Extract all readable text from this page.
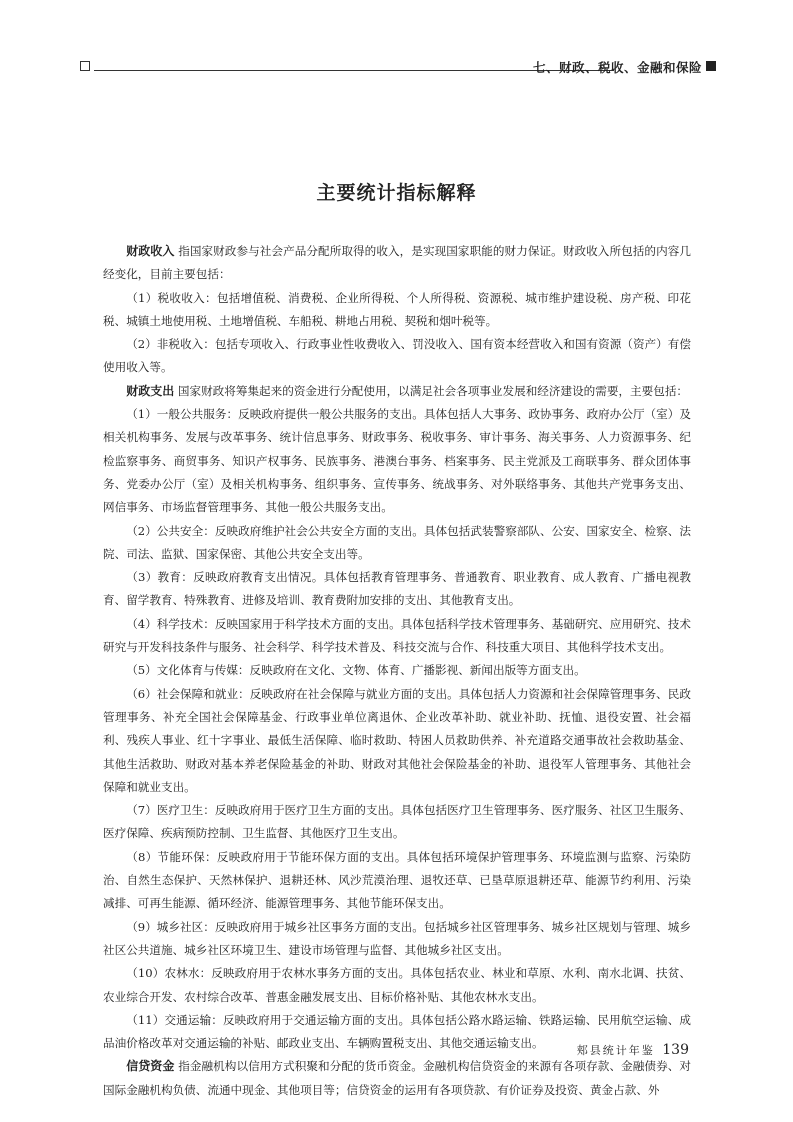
七、财政、税收、金融和保险
主要统计指标解释

财政收入 指国家财政参与社会产品分配所取得的收入，是实现国家职能的财力保证。财政收入所包括的内容几经变化，目前主要包括：

（1）税收收入：包括增值税、消费税、企业所得税、个人所得税、资源税、城市维护建设税、房产税、印花税、城镇土地使用税、土地增值税、车船税、耕地占用税、契税和烟叶税等。

（2）非税收入：包括专项收入、行政事业性收费收入、罚没收入、国有资本经营收入和国有资源（资产）有偿使用收入等。

财政支出 国家财政将筹集起来的资金进行分配使用，以满足社会各项事业发展和经济建设的需要，主要包括：

（1）一般公共服务：反映政府提供一般公共服务的支出。具体包括人大事务、政协事务、政府办公厅（室）及相关机构事务、发展与改革事务、统计信息事务、财政事务、税收事务、审计事务、海关事务、人力资源事务、纪检监察事务、商贸事务、知识产权事务、民族事务、港澳台事务、档案事务、民主党派及工商联事务、群众团体事务、党委办公厅（室）及相关机构事务、组织事务、宣传事务、统战事务、对外联络事务、其他共产党事务支出、网信事务、市场监督管理事务、其他一般公共服务支出。

（2）公共安全：反映政府维护社会公共安全方面的支出。具体包括武装警察部队、公安、国家安全、检察、法院、司法、监狱、国家保密、其他公共安全支出等。

（3）教育：反映政府教育支出情况。具体包括教育管理事务、普通教育、职业教育、成人教育、广播电视教育、留学教育、特殊教育、进修及培训、教育费附加安排的支出、其他教育支出。

（4）科学技术：反映国家用于科学技术方面的支出。具体包括科学技术管理事务、基础研究、应用研究、技术研究与开发科技条件与服务、社会科学、科学技术普及、科技交流与合作、科技重大项目、其他科学技术支出。

（5）文化体育与传媒：反映政府在文化、文物、体育、广播影视、新闻出版等方面支出。

（6）社会保障和就业：反映政府在社会保障与就业方面的支出。具体包括人力资源和社会保障管理事务、民政管理事务、补充全国社会保障基金、行政事业单位离退休、企业改革补助、就业补助、抚恤、退役安置、社会福利、残疾人事业、红十字事业、最低生活保障、临时救助、特困人员救助供养、补充道路交通事故社会救助基金、其他生活救助、财政对基本养老保险基金的补助、财政对其他社会保险基金的补助、退役军人管理事务、其他社会保障和就业支出。

（7）医疗卫生：反映政府用于医疗卫生方面的支出。具体包括医疗卫生管理事务、医疗服务、社区卫生服务、医疗保障、疾病预防控制、卫生监督、其他医疗卫生支出。

（8）节能环保：反映政府用于节能环保方面的支出。具体包括环境保护管理事务、环境监测与监察、污染防治、自然生态保护、天然林保护、退耕还林、风沙荒漠治理、退牧还草、已垦草原退耕还草、能源节约利用、污染减排、可再生能源、循环经济、能源管理事务、其他节能环保支出。

（9）城乡社区：反映政府用于城乡社区事务方面的支出。包括城乡社区管理事务、城乡社区规划与管理、城乡社区公共道施、城乡社区环境卫生、建设市场管理与监督、其他城乡社区支出。

（10）农林水：反映政府用于农林水事务方面的支出。具体包括农业、林业和草原、水利、南水北调、扶贫、农业综合开发、农村综合改革、普惠金融发展支出、目标价格补贴、其他农林水支出。

（11）交通运输：反映政府用于交通运输方面的支出。具体包括公路水路运输、铁路运输、民用航空运输、成品油价格改革对交通运输的补贴、邮政业支出、车辆购置税支出、其他交通运输支出。

信贷资金 指金融机构以信用方式积聚和分配的货币资金。金融机构信贷资金的来源有各项存款、金融债券、对国际金融机构负债、流通中现金、其他项目等；信贷资金的运用有各项贷款、有价证券及投资、黄金占款、外

郏县统计年鉴 139
